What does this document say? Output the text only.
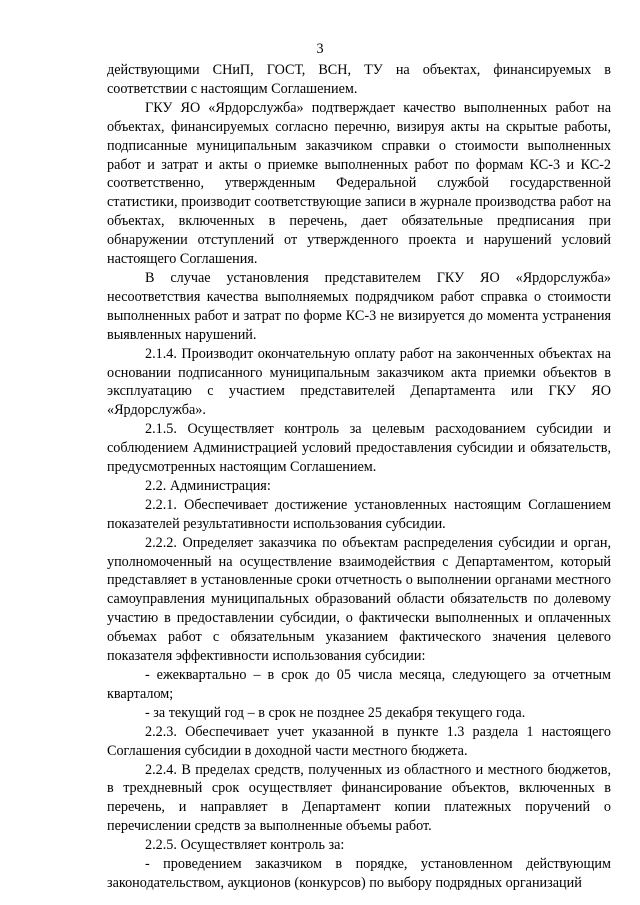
3

действующими СНиП, ГОСТ, ВСН, ТУ на объектах, финансируемых в соответствии с настоящим Соглашением.

ГКУ ЯО «Ярдорслужба» подтверждает качество выполненных работ на объектах, финансируемых согласно перечню, визируя акты на скрытые работы, подписанные муниципальным заказчиком справки о стоимости выполненных работ и затрат и акты о приемке выполненных работ по формам КС-3 и КС-2 соответственно, утвержденным Федеральной службой государственной статистики, производит соответствующие записи в журнале производства работ на объектах, включенных в перечень, дает обязательные предписания при обнаружении отступлений от утвержденного проекта и нарушений условий настоящего Соглашения.

В случае установления представителем ГКУ ЯО «Ярдорслужба» несоответствия качества выполняемых подрядчиком работ справка о стоимости выполненных работ и затрат по форме КС-3 не визируется до момента устранения выявленных нарушений.

2.1.4. Производит окончательную оплату работ на законченных объектах на основании подписанного муниципальным заказчиком акта приемки объектов в эксплуатацию с участием представителей Департамента или ГКУ ЯО «Ярдорслужба».

2.1.5. Осуществляет контроль за целевым расходованием субсидии и соблюдением Администрацией условий предоставления субсидии и обязательств, предусмотренных настоящим Соглашением.

2.2. Администрация:

2.2.1. Обеспечивает достижение установленных настоящим Соглашением показателей результативности использования субсидии.

2.2.2. Определяет заказчика по объектам распределения субсидии и орган, уполномоченный на осуществление взаимодействия с Департаментом, который представляет в установленные сроки отчетность о выполнении органами местного самоуправления муниципальных образований области обязательств по долевому участию в предоставлении субсидии, о фактически выполненных и оплаченных объемах работ с обязательным указанием фактического значения целевого показателя эффективности использования субсидии:

- ежеквартально – в срок до 05 числа месяца, следующего за отчетным кварталом;

- за текущий год – в срок не позднее 25 декабря текущего года.

2.2.3. Обеспечивает учет указанной в пункте 1.3 раздела 1 настоящего Соглашения субсидии в доходной части местного бюджета.

2.2.4. В пределах средств, полученных из областного и местного бюджетов, в трехдневный срок осуществляет финансирование объектов, включенных в перечень, и направляет в Департамент копии платежных поручений о перечислении средств за выполненные объемы работ.

2.2.5. Осуществляет контроль за:

- проведением заказчиком в порядке, установленном действующим законодательством, аукционов (конкурсов) по выбору подрядных организаций
